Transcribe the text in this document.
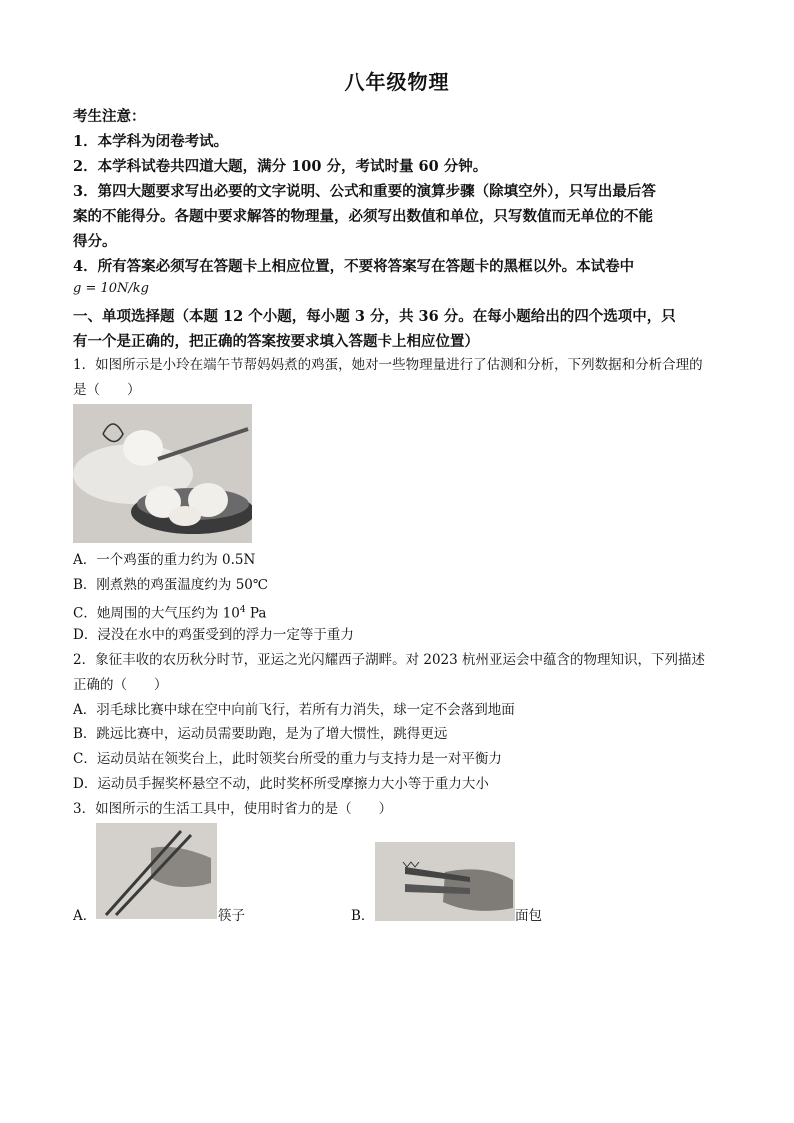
八年级物理
考生注意：
1．本学科为闭卷考试。
2．本学科试卷共四道大题，满分 100 分，考试时量 60 分钟。
3．第四大题要求写出必要的文字说明、公式和重要的演算步骤（除填空外），只写出最后答
案的不能得分。各题中要求解答的物理量，必须写出数值和单位，只写数值而无单位的不能
得分。
4．所有答案必须写在答题卡上相应位置，不要将答案写在答题卡的黑框以外。本试卷中
g = 10N/kg
一、单项选择题（本题 12 个小题，每小题 3 分，共 36 分。在每小题给出的四个选项中，只
有一个是正确的，把正确的答案按要求填入答题卡上相应位置）
1．如图所示是小玲在端午节帮妈妈煮的鸡蛋，她对一些物理量进行了估测和分析，下列数据和分析合理的
是（　　）
A．一个鸡蛋的重力约为 0.5N
B．刚煮熟的鸡蛋温度约为 50℃
C．她周围的大气压约为 $10^4$ Pa
D．浸没在水中的鸡蛋受到的浮力一定等于重力
2．象征丰收的农历秋分时节，亚运之光闪耀西子湖畔。对 2023 杭州亚运会中蕴含的物理知识，下列描述
正确的（　　）
A．羽毛球比赛中球在空中向前飞行，若所有力消失，球一定不会落到地面
B．跳远比赛中，运动员需要助跑，是为了增大惯性，跳得更远
C．运动员站在领奖台上，此时领奖台所受的重力与支持力是一对平衡力
D．运动员手握奖杯悬空不动，此时奖杯所受摩擦力大小等于重力大小
3．如图所示的生活工具中，使用时省力的是（　　）
A．	筷子	B．	面包
